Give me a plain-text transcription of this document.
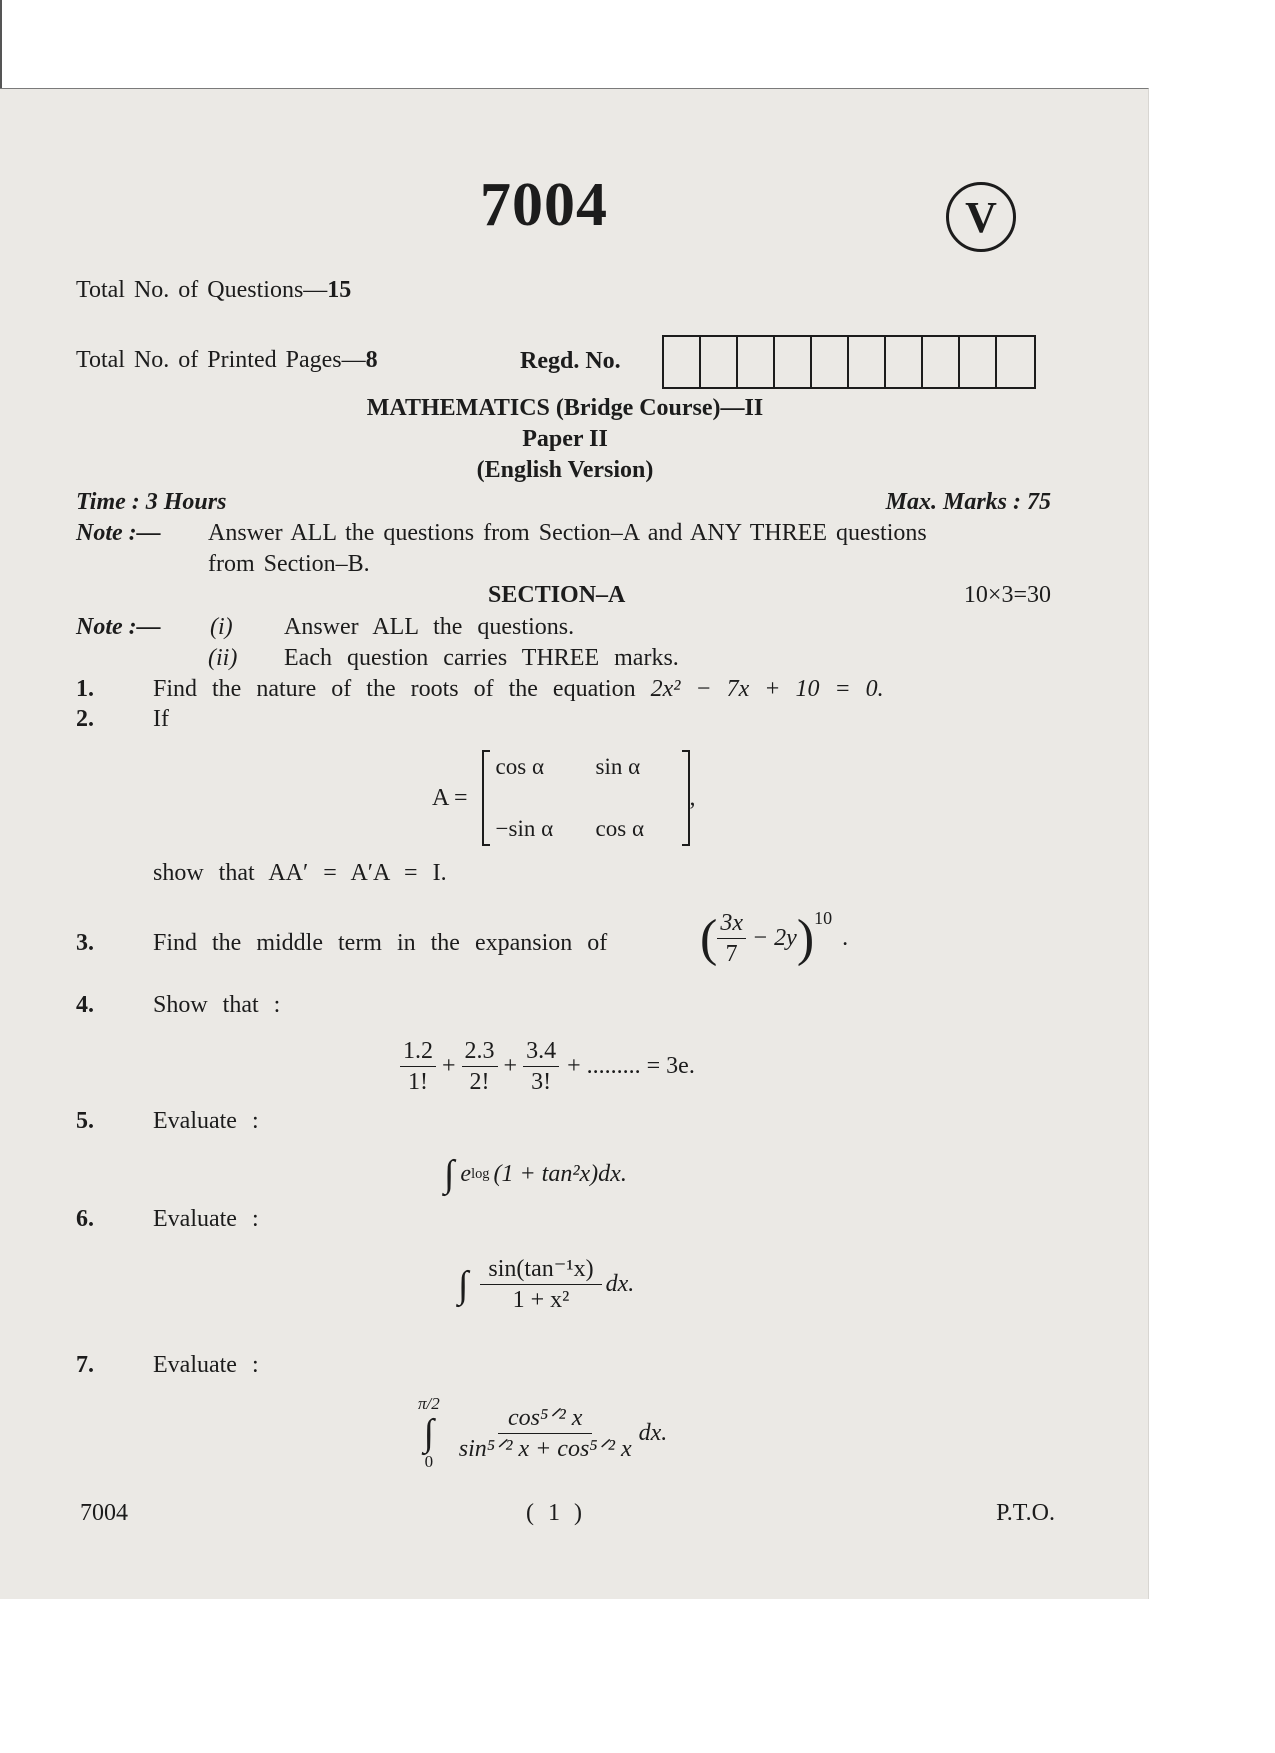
7004	V
Total No. of Questions—15
Total No. of Printed Pages—8	Regd. No.
MATHEMATICS (Bridge Course)—II
Paper II
(English Version)
Time : 3 Hours	Max. Marks : 75
Note :— Answer ALL the questions from Section–A and ANY THREE questions
from Section–B.
SECTION–A	10×3=30
Note :— (i) Answer ALL the questions.
(ii) Each question carries THREE marks.
1. Find the nature of the roots of the equation 2x² − 7x + 10 = 0.
2. If
A =
cos α	sin α
−sin α	cos α
,
show that AA′ = A′A = I.
3. Find the middle term in the expansion of ( $\frac{3x}{7} - 2y$ ) 10
.
4. Show that :
$\frac{1.2}{1!} + \frac{2.3}{2!} + \frac{3.4}{3!}$ + ......... = 3e.
5. Evaluate :
∫ e log (1 + tan²x)dx.
6. Evaluate :
∫ $\frac{\text{sin(tan⁻¹x)}}{\text{1 + x²}}$ dx.
7. Evaluate :
π/2
∫
$0 \frac{\text{cos⁵ᐟ² x}}{\text{sin⁵ᐟ² x + cos⁵ᐟ² x}}$ dx.
7004	( 1 )	P.T.O.
